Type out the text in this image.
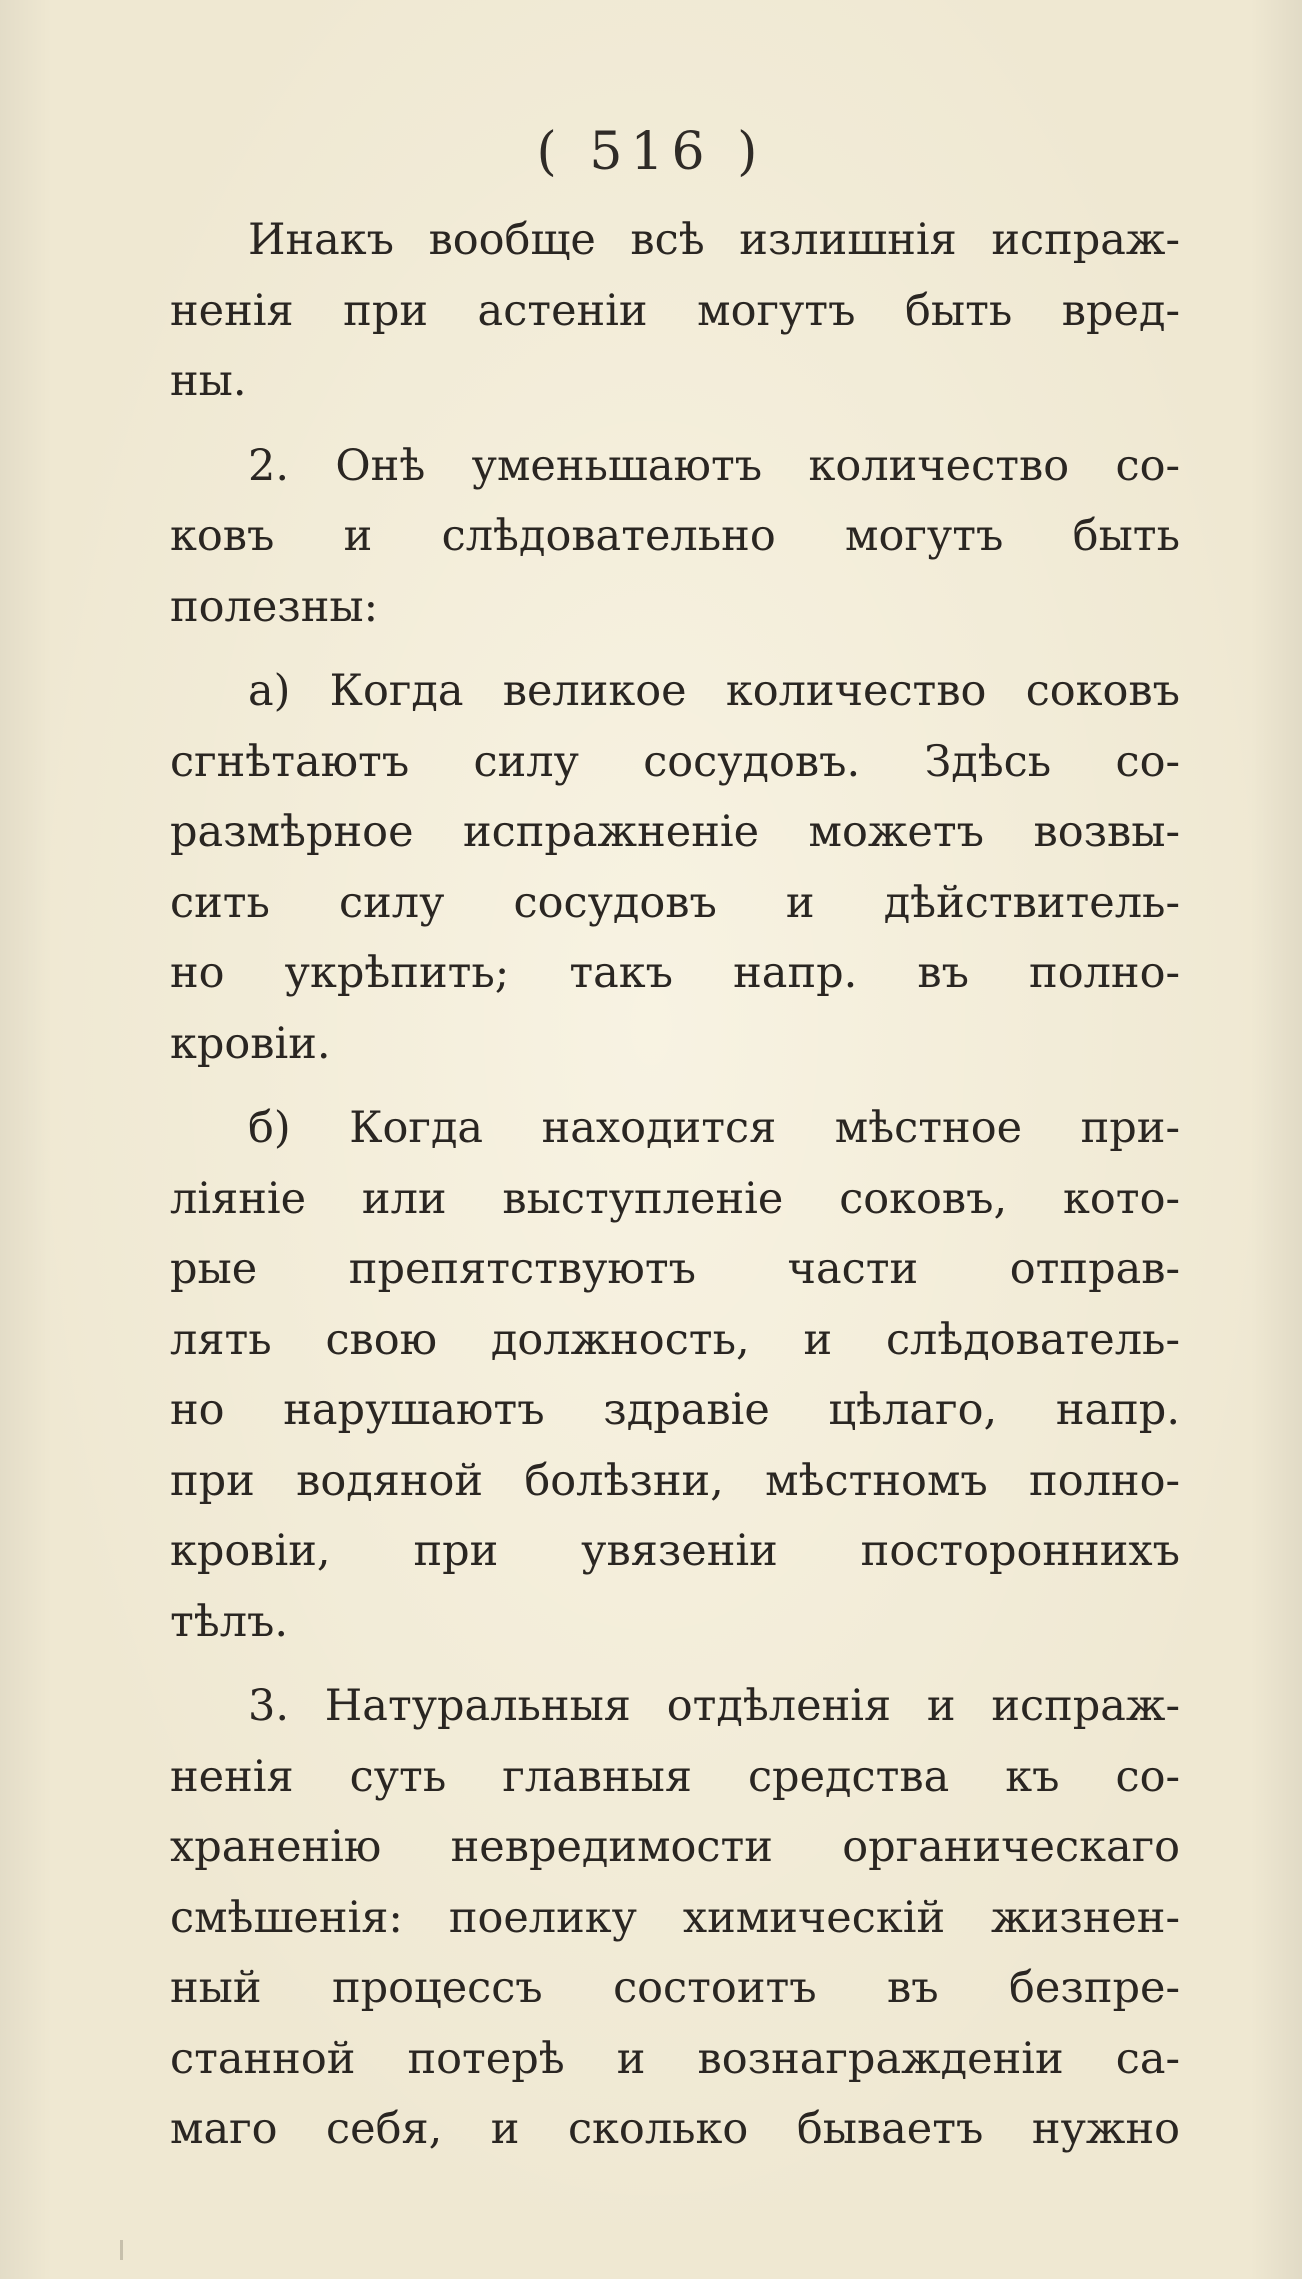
( 516 )
Инакъ вообще всѣ излишнія испраж-
ненія при астеніи могутъ быть вред-
ны.
2. Онѣ уменьшаютъ количество со-
ковъ и слѣдовательно могутъ быть
полезны:
а) Когда великое количество соковъ
сгнѣтаютъ силу сосудовъ. Здѣсь со-
размѣрное испражненіе можетъ возвы-
сить силу сосудовъ и дѣйствитель-
но укрѣпить; такъ напр. въ полно-
кровіи.
б) Когда находится мѣстное при-
ліяніе или выступленіе соковъ, кото-
рые препятствуютъ части отправ-
лять свою должность, и слѣдователь-
но нарушаютъ здравіе цѣлаго, напр.
при водяной болѣзни, мѣстномъ полно-
кровіи, при увязеніи постороннихъ
тѣлъ.
3. Натуральныя отдѣленія и испраж-
ненія суть главныя средства къ со-
храненію невредимости органическаго
смѣшенія: поелику химическій жизнен-
ный процессъ состоитъ въ безпре-
станной потерѣ и вознагражденіи са-
маго себя, и сколько бываетъ нужно
